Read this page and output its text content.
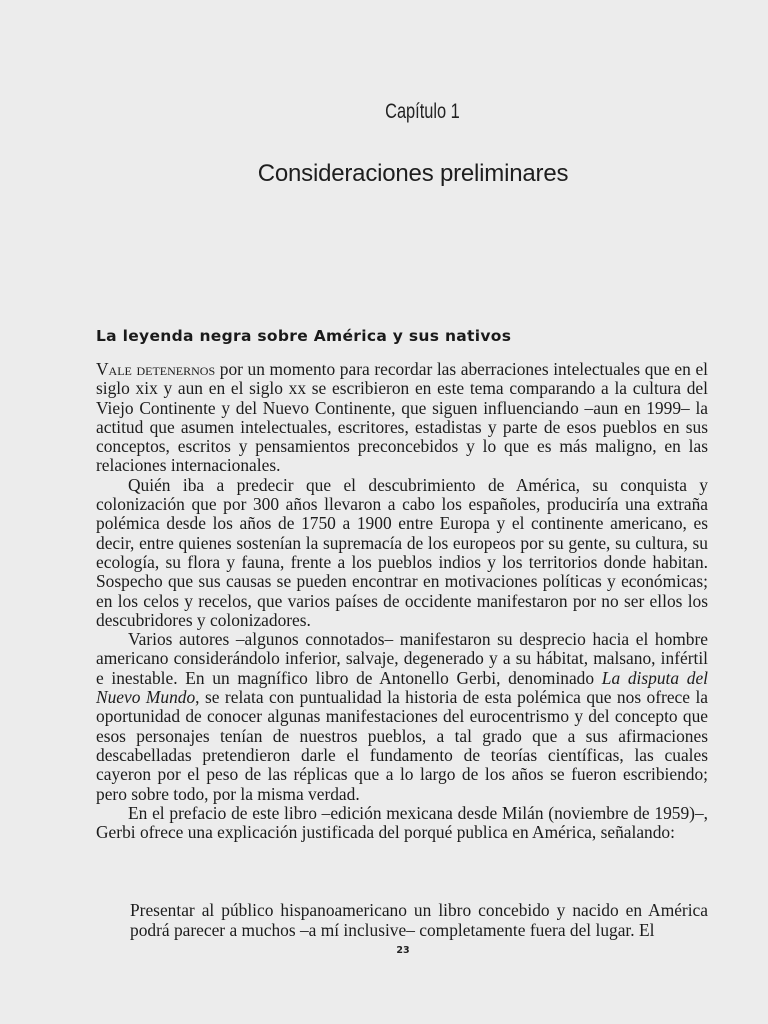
Capítulo 1
Consideraciones preliminares
La leyenda negra sobre América y sus nativos

Vale detenernos por un momento para recordar las aberraciones intelectuales que en el siglo xix y aun en el siglo xx se escribieron en este tema comparando a la cultura del Viejo Continente y del Nuevo Continente, que siguen influenciando –aun en 1999– la actitud que asumen intelectuales, escritores, estadistas y parte de esos pueblos en sus conceptos, escritos y pensamientos preconcebidos y lo que es más maligno, en las relaciones internacionales.

Quién iba a predecir que el descubrimiento de América, su conquista y colonización que por 300 años llevaron a cabo los españoles, produciría una extraña polémica desde los años de 1750 a 1900 entre Europa y el continente americano, es decir, entre quienes sostenían la supremacía de los europeos por su gente, su cultura, su ecología, su flora y fauna, frente a los pueblos indios y los territorios donde habitan. Sospecho que sus causas se pueden encontrar en motivaciones políticas y económicas; en los celos y recelos, que varios países de occidente manifestaron por no ser ellos los descubridores y colonizadores.

Varios autores –algunos connotados– manifestaron su desprecio hacia el hombre americano considerándolo inferior, salvaje, degenerado y a su hábitat, malsano, infértil e inestable. En un magnífico libro de Antonello Gerbi, denominado La disputa del Nuevo Mundo, se relata con puntualidad la historia de esta polémica que nos ofrece la oportunidad de conocer algunas manifestaciones del eurocentrismo y del concepto que esos personajes tenían de nuestros pueblos, a tal grado que a sus afirmaciones descabelladas pretendieron darle el fundamento de teorías científicas, las cuales cayeron por el peso de las réplicas que a lo largo de los años se fueron escribiendo; pero sobre todo, por la misma verdad.

En el prefacio de este libro –edición mexicana desde Milán (noviembre de 1959)–, Gerbi ofrece una explicación justificada del porqué publica en América, señalando:

Presentar al público hispanoamericano un libro concebido y nacido en América podrá parecer a muchos –a mí inclusive– completamente fuera del lugar. El

23
